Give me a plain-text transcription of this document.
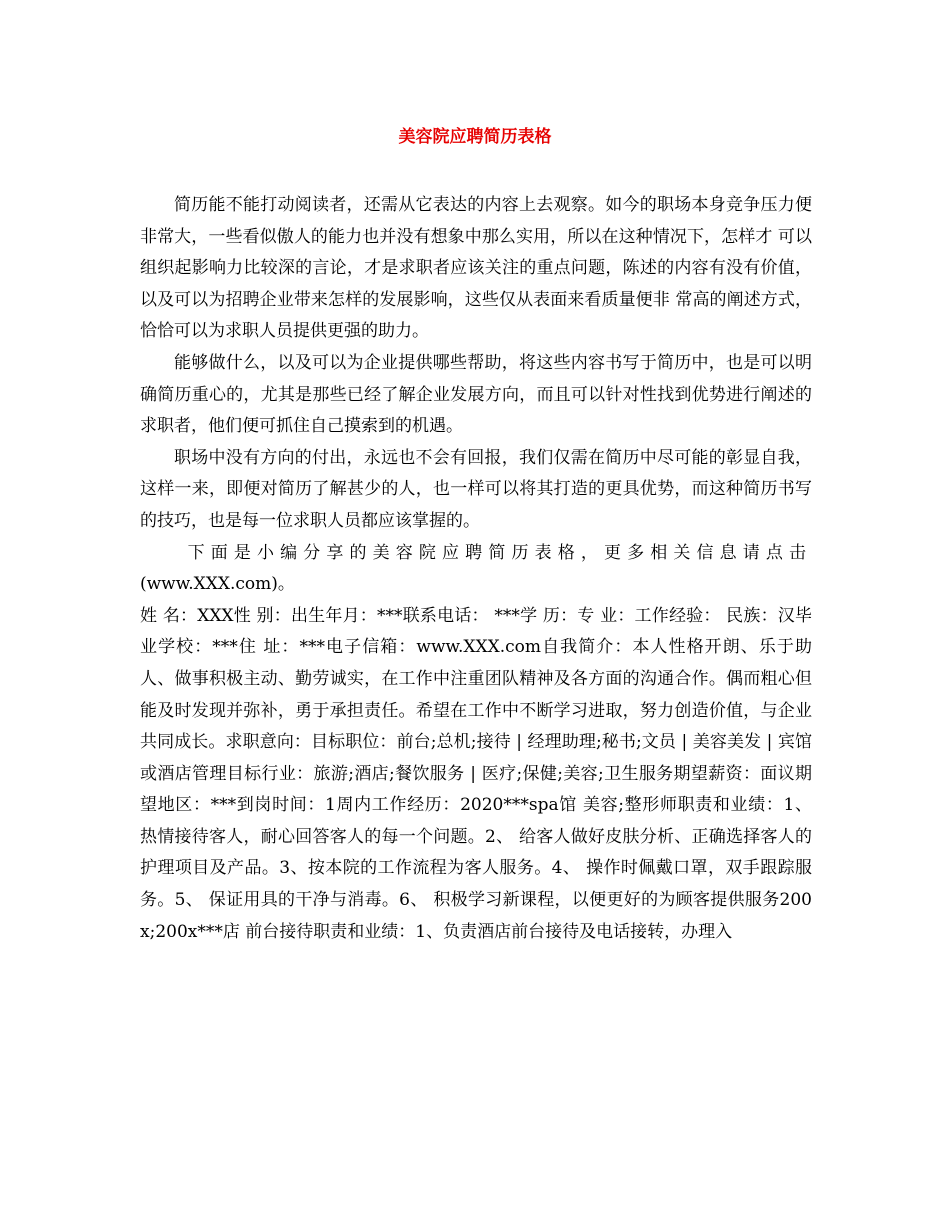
美容院应聘简历表格

简历能不能打动阅读者，还需从它表达的内容上去观察。如今的职场本身竞争压力便非常大，一些看似傲人的能力也并没有想象中那么实用，所以在这种情况下，怎样才 可以组织起影响力比较深的言论，才是求职者应该关注的重点问题，陈述的内容有没有价值，以及可以为招聘企业带来怎样的发展影响，这些仅从表面来看质量便非 常高的阐述方式，恰恰可以为求职人员提供更强的助力。

能够做什么，以及可以为企业提供哪些帮助，将这些内容书写于简历中，也是可以明确简历重心的，尤其是那些已经了解企业发展方向，而且可以针对性找到优势进行阐述的求职者，他们便可抓住自己摸索到的机遇。

职场中没有方向的付出，永远也不会有回报，我们仅需在简历中尽可能的彰显自我，这样一来，即便对简历了解甚少的人，也一样可以将其打造的更具优势，而这种简历书写的技巧，也是每一位求职人员都应该掌握的。

下面是小编分享的美容院应聘简历表格，更多相关信息请点击

(www.XXX.com)。

姓 名：XXX性 别：出生年月：***联系电话： ***学 历：专 业：工作经验： 民族：汉毕业学校：***住 址：***电子信箱：www.XXX.com自我简介：本人性格开朗、乐于助人、做事积极主动、勤劳诚实，在工作中注重团队精神及各方面的沟通合作。偶而粗心但能及时发现并弥补，勇于承担责任。希望在工作中不断学习进取，努力创造价值，与企业共同成长。求职意向：目标职位：前台;总机;接待 | 经理助理;秘书;文员 | 美容美发 | 宾馆或酒店管理目标行业：旅游;酒店;餐饮服务 | 医疗;保健;美容;卫生服务期望薪资：面议期望地区：***到岗时间：1周内工作经历：2020***spa馆 美容;整形师职责和业绩：1、 热情接待客人，耐心回答客人的每一个问题。2、 给客人做好皮肤分析、正确选择客人的护理项目及产品。3、按本院的工作流程为客人服务。4、 操作时佩戴口罩，双手跟踪服务。5、 保证用具的干净与消毒。6、 积极学习新课程，以便更好的为顾客提供服务200x;200x***店 前台接待职责和业绩：1、负责酒店前台接待及电话接转，办理入
